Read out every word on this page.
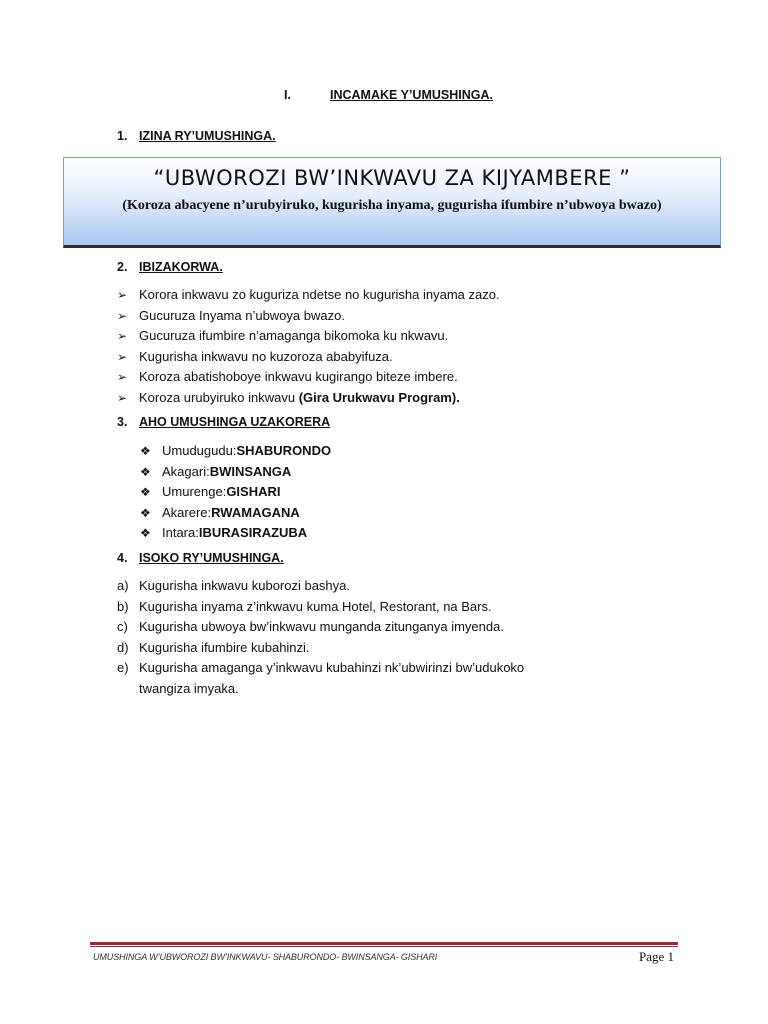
I.	INCAMAKE Y’UMUSHINGA.
1. IZINA RY’UMUSHINGA.
“UBWOROZI BW’INKWAVU ZA KIJYAMBERE ”
(Koroza abacyene n’urubyiruko, kugurisha inyama, gugurisha ifumbire n’ubwoya bwazo)
2. IBIZAKORWA.
➢ Korora inkwavu zo kuguriza ndetse no kugurisha inyama zazo.
➢ Gucuruza Inyama n’ubwoya bwazo.
➢ Gucuruza ifumbire n’amaganga bikomoka ku nkwavu.
➢ Kugurisha inkwavu no kuzoroza ababyifuza.
➢ Koroza abatishoboye inkwavu kugirango biteze imbere.
➢ Koroza urubyiruko inkwavu (Gira Urukwavu Program).
3. AHO UMUSHINGA UZAKORERA
❖ Umudugudu: SHABURONDO
❖ Akagari: BWINSANGA
❖ Umurenge: GISHARI
❖ Akarere: RWAMAGANA
❖ Intara: IBURASIRAZUBA
4. ISOKO RY’UMUSHINGA.
a) Kugurisha inkwavu kuborozi bashya.
b) Kugurisha inyama z’inkwavu kuma Hotel, Restorant, na Bars.
c) Kugurisha ubwoya bw’inkwavu munganda zitunganya imyenda.
d) Kugurisha ifumbire kubahinzi.
e) Kugurisha amaganga y’inkwavu kubahinzi nk’ubwirinzi bw’udukoko
twangiza imyaka.
UMUSHINGA W’UBWOROZI BW’INKWAVU- SHABURONDO- BWINSANGA- GISHARI	Page 1
